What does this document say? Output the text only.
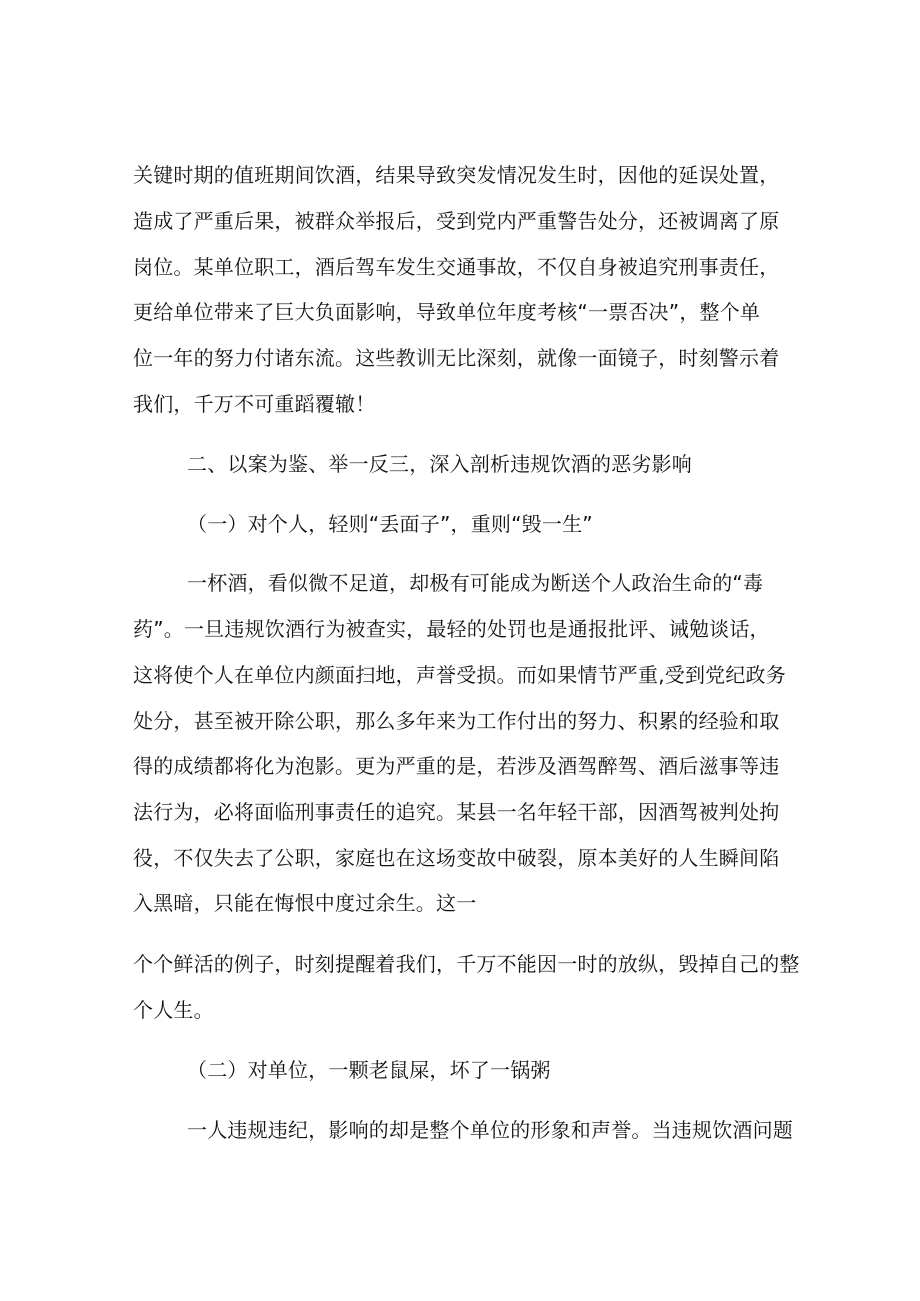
关键时期的值班期间饮酒，结果导致突发情况发生时，因他的延误处置，
造成了严重后果，被群众举报后，受到党内严重警告处分，还被调离了原
岗位。某单位职工，酒后驾车发生交通事故，不仅自身被追究刑事责任，
更给单位带来了巨大负面影响，导致单位年度考核“一票否决”，整个单
位一年的努力付诸东流。这些教训无比深刻，就像一面镜子，时刻警示着
我们，千万不可重蹈覆辙！
二、以案为鉴、举一反三，深入剖析违规饮酒的恶劣影响
（一）对个人，轻则“丢面子”，重则“毁一生”
一杯酒，看似微不足道，却极有可能成为断送个人政治生命的“毒
药”。一旦违规饮酒行为被查实，最轻的处罚也是通报批评、诫勉谈话，
这将使个人在单位内颜面扫地，声誉受损。而如果情节严重,受到党纪政务
处分，甚至被开除公职，那么多年来为工作付出的努力、积累的经验和取
得的成绩都将化为泡影。更为严重的是，若涉及酒驾醉驾、酒后滋事等违
法行为，必将面临刑事责任的追究。某县一名年轻干部，因酒驾被判处拘
役，不仅失去了公职，家庭也在这场变故中破裂，原本美好的人生瞬间陷
入黑暗，只能在悔恨中度过余生。这一
个个鲜活的例子，时刻提醒着我们，千万不能因一时的放纵，毁掉自己的整
个人生。
（二）对单位，一颗老鼠屎，坏了一锅粥
一人违规违纪，影响的却是整个单位的形象和声誉。当违规饮酒问题
